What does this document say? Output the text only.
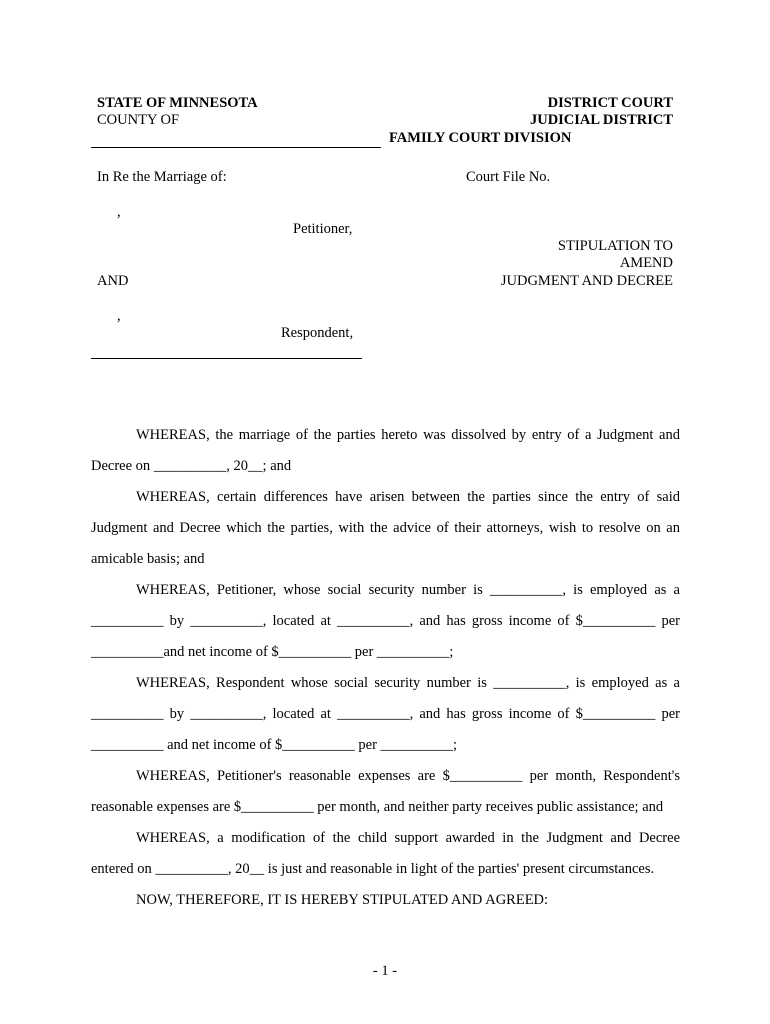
STATE OF MINNESOTA
COUNTY OF
DISTRICT COURT
JUDICIAL DISTRICT
FAMILY COURT DIVISION
In Re the Marriage of:	Court File No.
,
Petitioner,
STIPULATION TO
AMEND
JUDGMENT AND DECREE
AND
,
Respondent,
WHEREAS, the marriage of the parties hereto was dissolved by entry of a Judgment and
Decree on __________, 20__; and
WHEREAS, certain differences have arisen between the parties since the entry of said
Judgment and Decree which the parties, with the advice of their attorneys, wish to resolve on an
amicable basis; and
WHEREAS, Petitioner, whose social security number is __________, is employed as a
__________ by __________, located at __________, and has gross income of $__________ per
__________and net income of $__________ per __________;
WHEREAS, Respondent whose social security number is __________, is employed as a
__________ by __________, located at __________, and has gross income of $__________ per
__________ and net income of $__________ per __________;
WHEREAS, Petitioner's reasonable expenses are $__________ per month, Respondent's
reasonable expenses are $__________ per month, and neither party receives public assistance; and
WHEREAS, a modification of the child support awarded in the Judgment and Decree
entered on __________, 20__ is just and reasonable in light of the parties' present circumstances.
NOW, THEREFORE, IT IS HEREBY STIPULATED AND AGREED:
- 1 -
